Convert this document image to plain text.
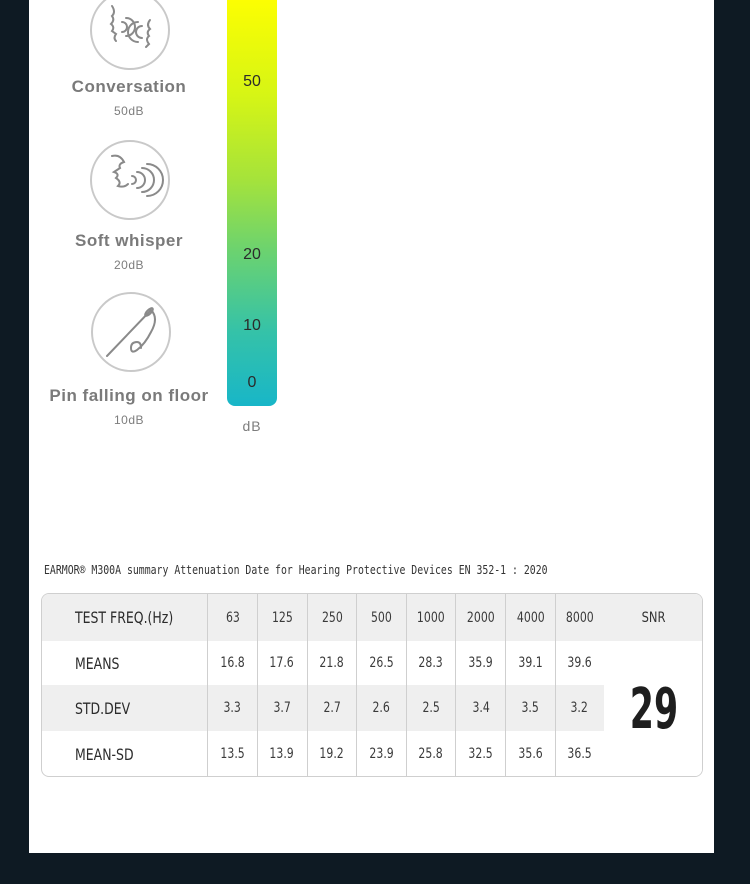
Conversation
50dB
Soft whisper
20dB
Pin falling on floor
10dB
50
20
10
0
dB
EARMOR® M300A summary Attenuation Date for Hearing Protective Devices EN 352-1 : 2020
TEST FREQ.(Hz)	63 125 250 500 1000 2000 4000 8000
MEANS	16.8 17.6 21.8 26.5 28.3 35.9 39.1 39.6
STD.DEV	3.3 3.7 2.7 2.6 2.5 3.4 3.5 3.2
MEAN-SD	13.5 13.9 19.2 23.9 25.8 32.5 35.6 36.5
SNR
29
